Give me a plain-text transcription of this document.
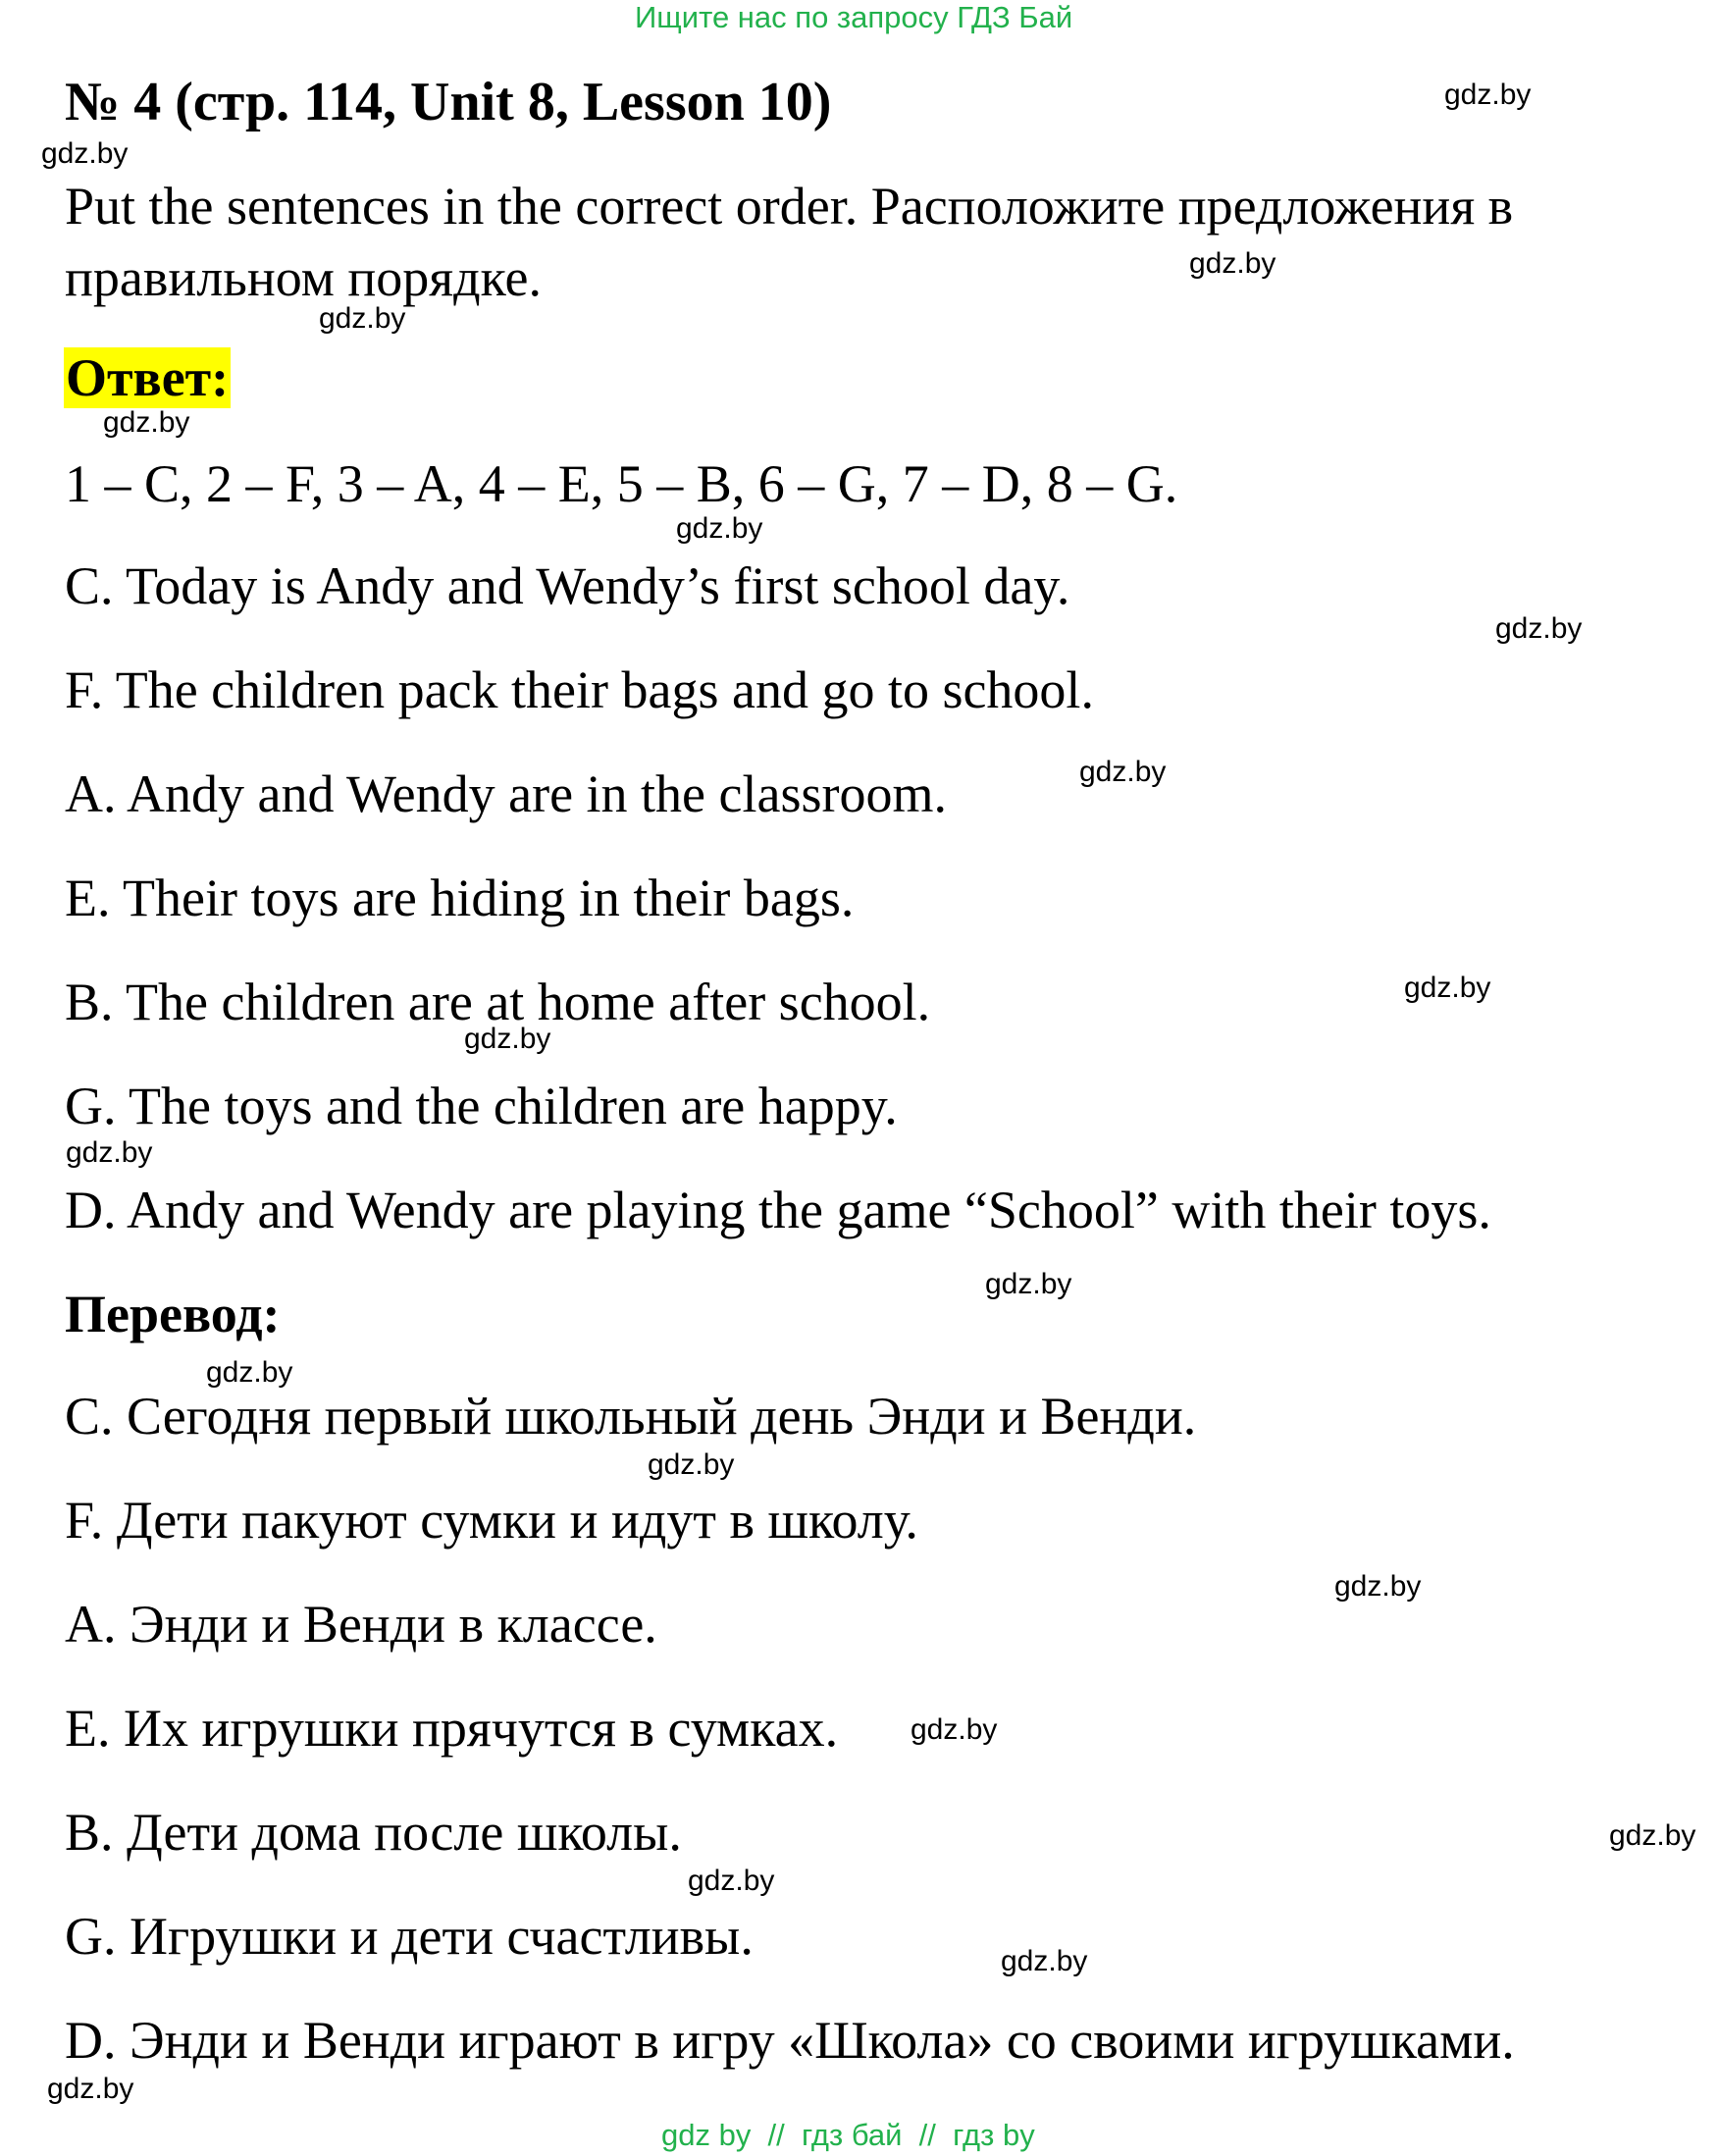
Ищите нас по запросу ГДЗ Бай
№ 4 (стр. 114, Unit 8, Lesson 10)
Put the sentences in the correct order. Расположите предложения в правильном порядке.
Ответ:
1 – C, 2 – F, 3 – A, 4 – E, 5 – B, 6 – G, 7 – D, 8 – G.
C. Today is Andy and Wendy’s first school day.
F. The children pack their bags and go to school.
A. Andy and Wendy are in the classroom.
E. Their toys are hiding in their bags.
B. The children are at home after school.
G. The toys and the children are happy.
D. Andy and Wendy are playing the game “School” with their toys.
Перевод:
C. Сегодня первый школьный день Энди и Венди.
F. Дети пакуют сумки и идут в школу.
A. Энди и Венди в классе.
E. Их игрушки прячутся в сумках.
B. Дети дома после школы.
G. Игрушки и дети счастливы.
D. Энди и Венди играют в игру «Школа» со своими игрушками.
gdz.by
gdz.by
gdz.by
gdz.by
gdz.by
gdz.by
gdz.by
gdz.by
gdz.by
gdz.by
gdz.by
gdz.by
gdz.by
gdz.by
gdz.by
gdz.by
gdz.by
gdz.by
gdz.by
gdz.by
gdz by  //  гдз бай  //  гдз by
